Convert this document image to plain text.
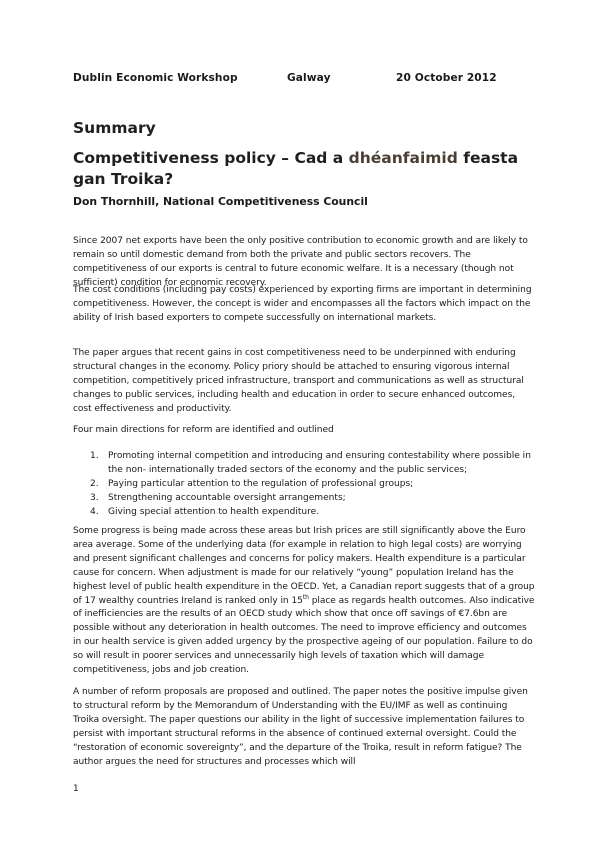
Dublin Economic Workshop	Galway	20 October 2012
Summary
Competitiveness policy – Cad a dhéanfaimid feasta gan Troika?
Don Thornhill, National Competitiveness Council

Since 2007 net exports have been the only positive contribution to economic growth and are likely to remain so until domestic demand from both the private and public sectors recovers. The competitiveness of our exports is central to future economic welfare. It is a necessary (though not sufficient) condition for economic recovery.

The cost conditions (including pay costs) experienced by exporting firms are important in determining competitiveness. However, the concept is wider and encompasses all the factors which impact on the ability of Irish based exporters to compete successfully on international markets.

The paper argues that recent gains in cost competitiveness need to be underpinned with enduring structural changes in the economy. Policy priory should be attached to ensuring vigorous internal competition, competitively priced infrastructure, transport and communications as well as structural changes to public services, including health and education in order to secure enhanced outcomes, cost effectiveness and productivity.

Four main directions for reform are identified and outlined

1. Promoting internal competition and introducing and ensuring contestability where possible in the non- internationally traded sectors of the economy and the public services;
2. Paying particular attention to the regulation of professional groups;
3. Strengthening accountable oversight arrangements;
4. Giving special attention to health expenditure.

Some progress is being made across these areas but Irish prices are still significantly above the Euro area average. Some of the underlying data (for example in relation to high legal costs) are worrying and present significant challenges and concerns for policy makers. Health expenditure is a particular cause for concern. When adjustment is made for our relatively “young” population Ireland has the highest level of public health expenditure in the OECD. Yet, a Canadian report suggests that of a group of 17 wealthy countries Ireland is ranked only in 15th place as regards health outcomes. Also indicative of inefficiencies are the results of an OECD study which show that once off savings of €7.6bn are possible without any deterioration in health outcomes. The need to improve efficiency and outcomes in our health service is given added urgency by the prospective ageing of our population. Failure to do so will result in poorer services and unnecessarily high levels of taxation which will damage competitiveness, jobs and job creation.

A number of reform proposals are proposed and outlined. The paper notes the positive impulse given to structural reform by the Memorandum of Understanding with the EU/IMF as well as continuing Troika oversight. The paper questions our ability in the light of successive implementation failures to persist with important structural reforms in the absence of continued external oversight. Could the “restoration of economic sovereignty”, and the departure of the Troika, result in reform fatigue? The author argues the need for structures and processes which will

1
